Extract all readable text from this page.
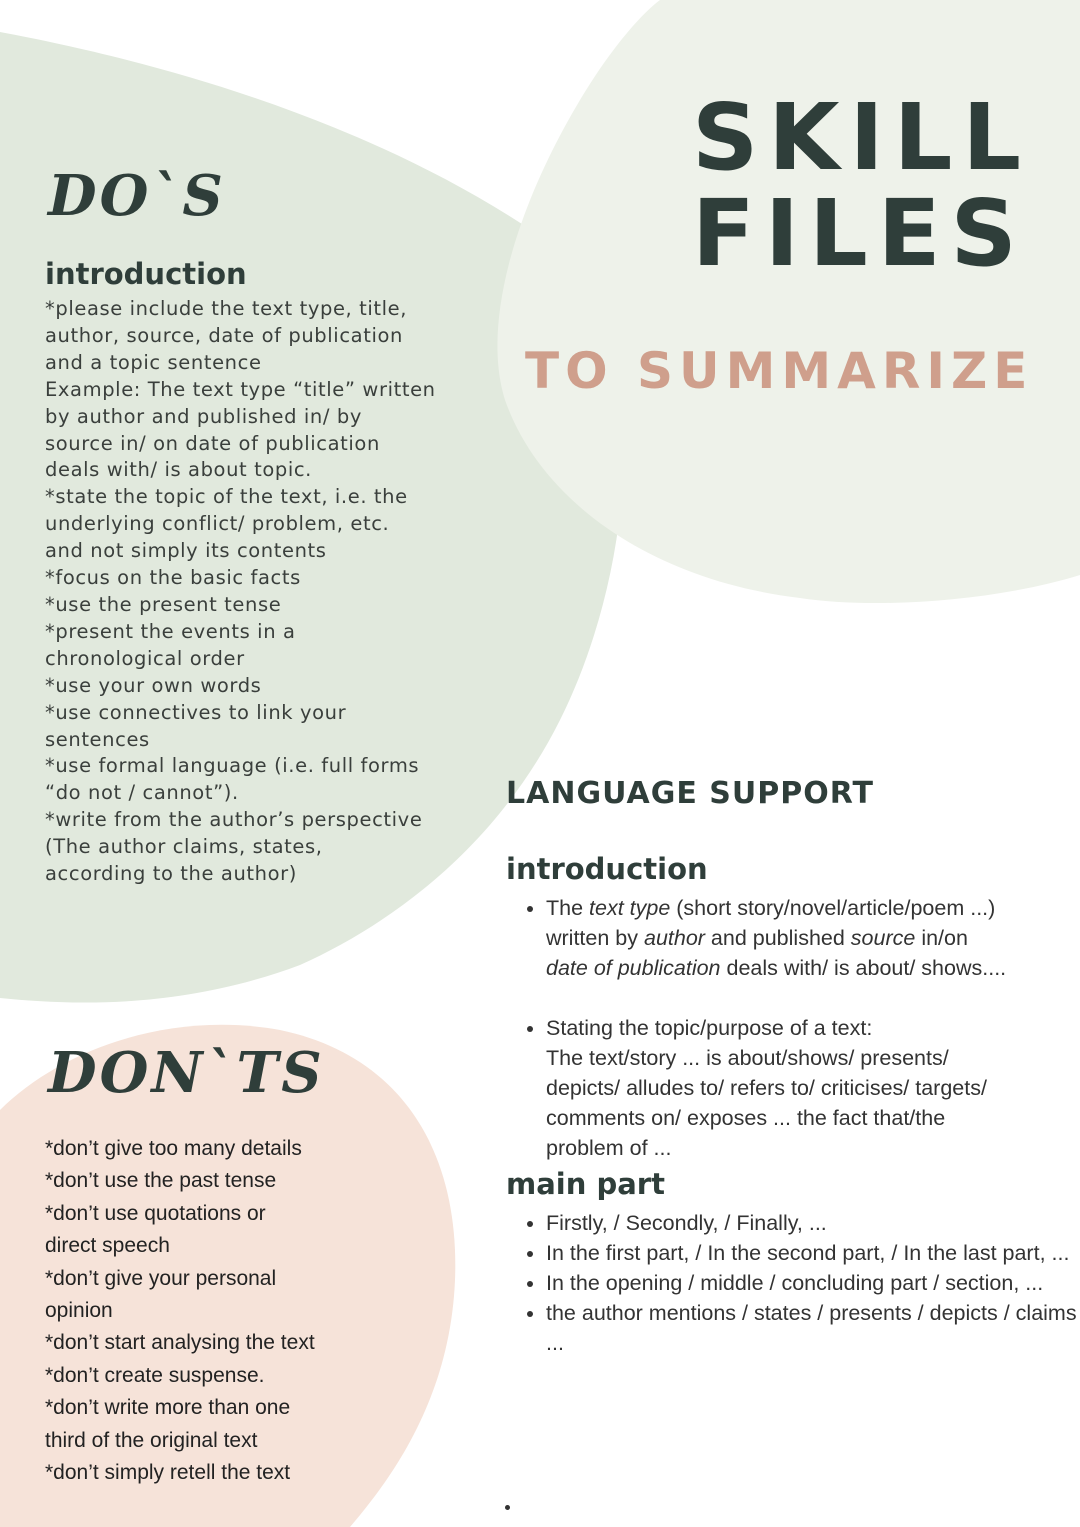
SKILL
FILES
TO SUMMARIZE
DO`S
introduction
*please include the text type, title,
author, source, date of publication
and a topic sentence
Example: The text type “title” written
by author and published in/ by
source in/ on date of publication
deals with/ is about topic.
*state the topic of the text, i.e. the
underlying conflict/ problem, etc.
and not simply its contents
*focus on the basic facts
*use the present tense
*present the events in a
chronological order
*use your own words
*use connectives to link your
sentences
*use formal language (i.e. full forms
“do not / cannot”).
*write from the author’s perspective
(The author claims, states,
according to the author)
DON`TS
*don’t give too many details
*don’t use the past tense
*don’t use quotations or
direct speech
*don’t give your personal
opinion
*don’t start analysing the text
*don’t create suspense.
*don’t write more than one
third of the original text
*don’t simply retell the text
LANGUAGE SUPPORT
introduction
• The text type (short story/novel/article/poem ...)
written by author and published source in/on
date of publication deals with/ is about/ shows....
• Stating the topic/purpose of a text:
The text/story ... is about/shows/ presents/
depicts/ alludes to/ refers to/ criticises/ targets/
comments on/ exposes ... the fact that/the
problem of ...
main part
• Firstly, / Secondly, / Finally, ...
• In the first part, / In the second part, / In the last part, ...
• In the opening / middle / concluding part / section, ...
• the author mentions / states / presents / depicts / claims ...
